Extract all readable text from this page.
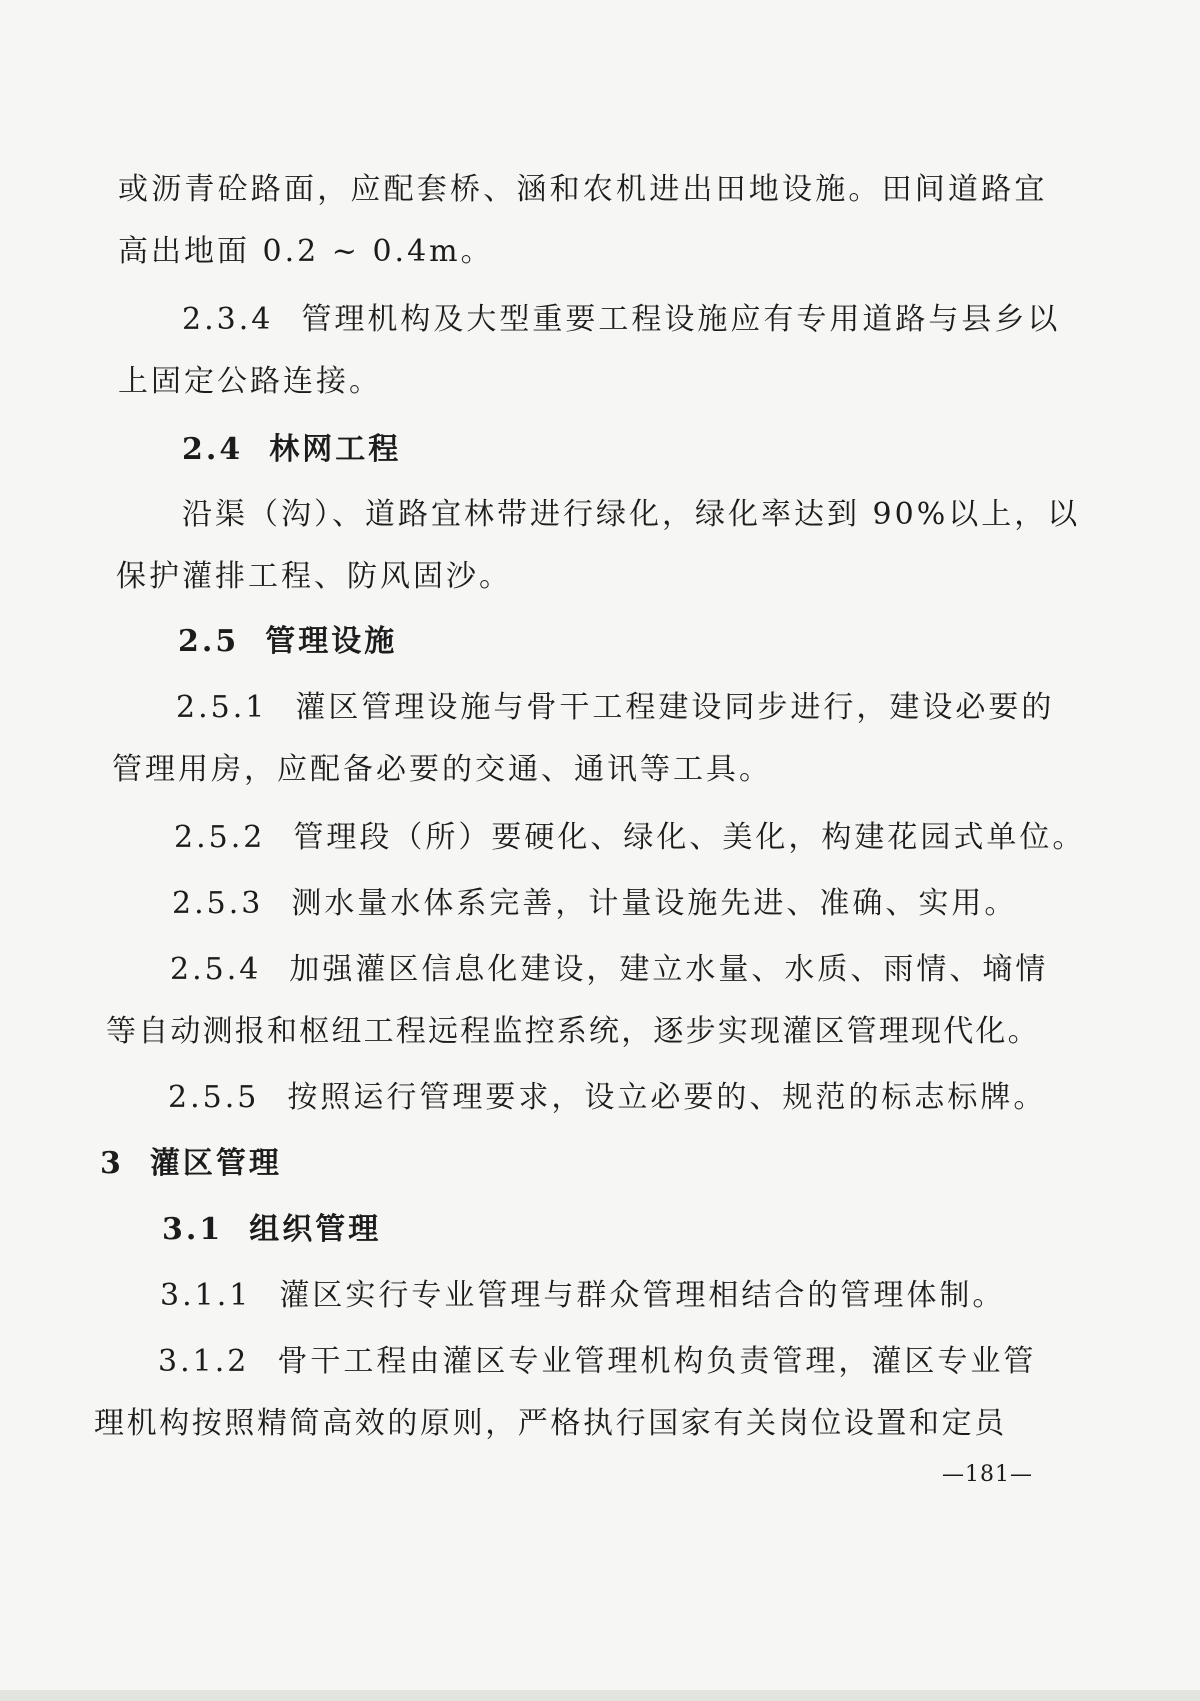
或沥青砼路面，应配套桥、涵和农机进出田地设施。田间道路宜
高出地面 0.2 ~ 0.4m。
2.3.4 管理机构及大型重要工程设施应有专用道路与县乡以
上固定公路连接。
2.4 林网工程
沿渠（沟）、道路宜林带进行绿化，绿化率达到 90%以上，以
保护灌排工程、防风固沙。
2.5 管理设施
2.5.1 灌区管理设施与骨干工程建设同步进行，建设必要的
管理用房，应配备必要的交通、通讯等工具。
2.5.2 管理段（所）要硬化、绿化、美化，构建花园式单位。
2.5.3 测水量水体系完善，计量设施先进、准确、实用。
2.5.4 加强灌区信息化建设，建立水量、水质、雨情、墒情
等自动测报和枢纽工程远程监控系统，逐步实现灌区管理现代化。
2.5.5 按照运行管理要求，设立必要的、规范的标志标牌。
3 灌区管理
3.1 组织管理
3.1.1 灌区实行专业管理与群众管理相结合的管理体制。
3.1.2 骨干工程由灌区专业管理机构负责管理，灌区专业管
理机构按照精简高效的原则，严格执行国家有关岗位设置和定员
—181—
